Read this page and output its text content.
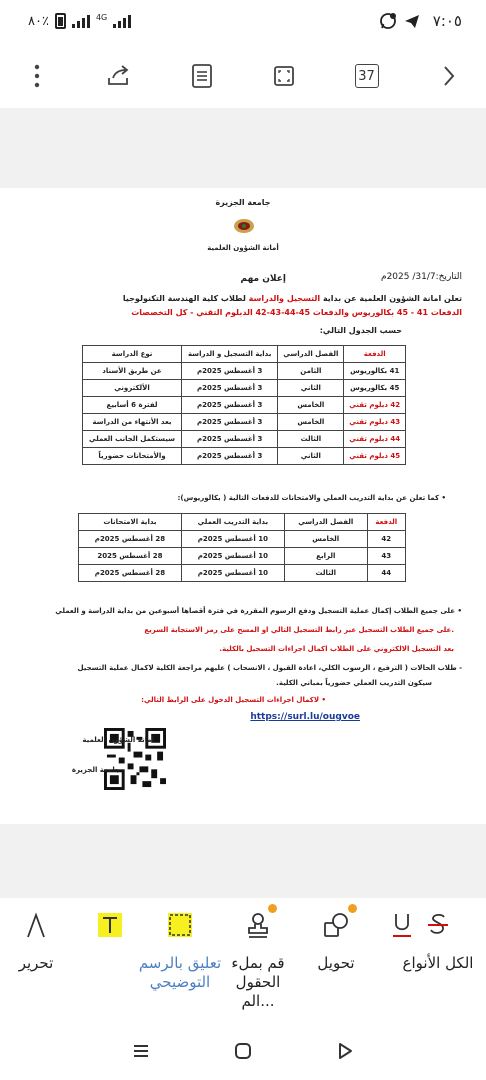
٨٠٪	4G	٧:٠٥
37
جامعة الجزيرة
أمانة الشؤون العلمية
التاريخ:31/7/ 2025م
إعلان مهم
تعلن امانة الشؤون العلمية عن بداية التسجيل والدراسة لطلاب كلية الهندسة التكنولوجيا
الدفعات 41 - 45 بكالوريوس والدفعات 45-44-43-42 الدبلوم التقني - كل التخصصات
حسب الجدول التالي:
الدفعة	الفصل الدراسي	بداية التسجيل و الدراسة	نوع الدراسة
41 بكالوريوس	الثامن	3 أغسطس 2025م	عن طريق الأسناد
45 بكالوريوس	الثاني	3 أغسطس 2025م	الألكتروني
42 دبلوم تقني	الخامس	3 أغسطس 2025م	لفترة 6 أسابيع
43 دبلوم تقني	الخامس	3 أغسطس 2025م	بعد الأنتهاء من الدراسة
44 دبلوم تقني	الثالث	3 أغسطس 2025م	سيستكمل الجانب العملي
45 دبلوم تقني	الثاني	3 أغسطس 2025م	والأمتحانات حضورياً
• كما تعلن عن بداية التدريب العملي والامتحانات للدفعات التالية ( بكالوريوس):
الدفعة	الفصل الدراسي	بداية التدريب العملي	بداية الامتحانات
42	الخامس	10 أغسطس 2025م	28 أغسطس 2025م
43	الرابع	10 أغسطس 2025م	28 أغسطس 2025
44	الثالث	10 أغسطس 2025م	28 أغسطس 2025م
• على جميع الطلاب إكمال عملية التسجيل ودفع الرسوم المقررة في فترة أقصاها أسبوعين من بداية الدراسة و العملي
.على جميع الطلاب التسجيل عبر رابط التسجيل التالي او المسح على رمز الاستجابة السريع
بعد التسجيل الالكتروني على الطلاب اكمال اجراءات التسجيل بالكلية.
- طلاب الحالات ( الترفيع ، الرسوب الكلي، اعادة القبول ، الانسحاب ) عليهم مراجعة الكلية لاكمال عملية التسجيل
سيكون التدريب العملي حضورياً بمباني الكلية.
• لاكمال اجراءات التسجيل الدخول على الرابط التالي:
https://surl.lu/ougvoe
أمانة الشؤون العلمية
جامعة الجزيرة
الكل الأنواع
تحويل
قم بملء الحقول الم...
تعليق بالرسم التوضيحي
تحرير
